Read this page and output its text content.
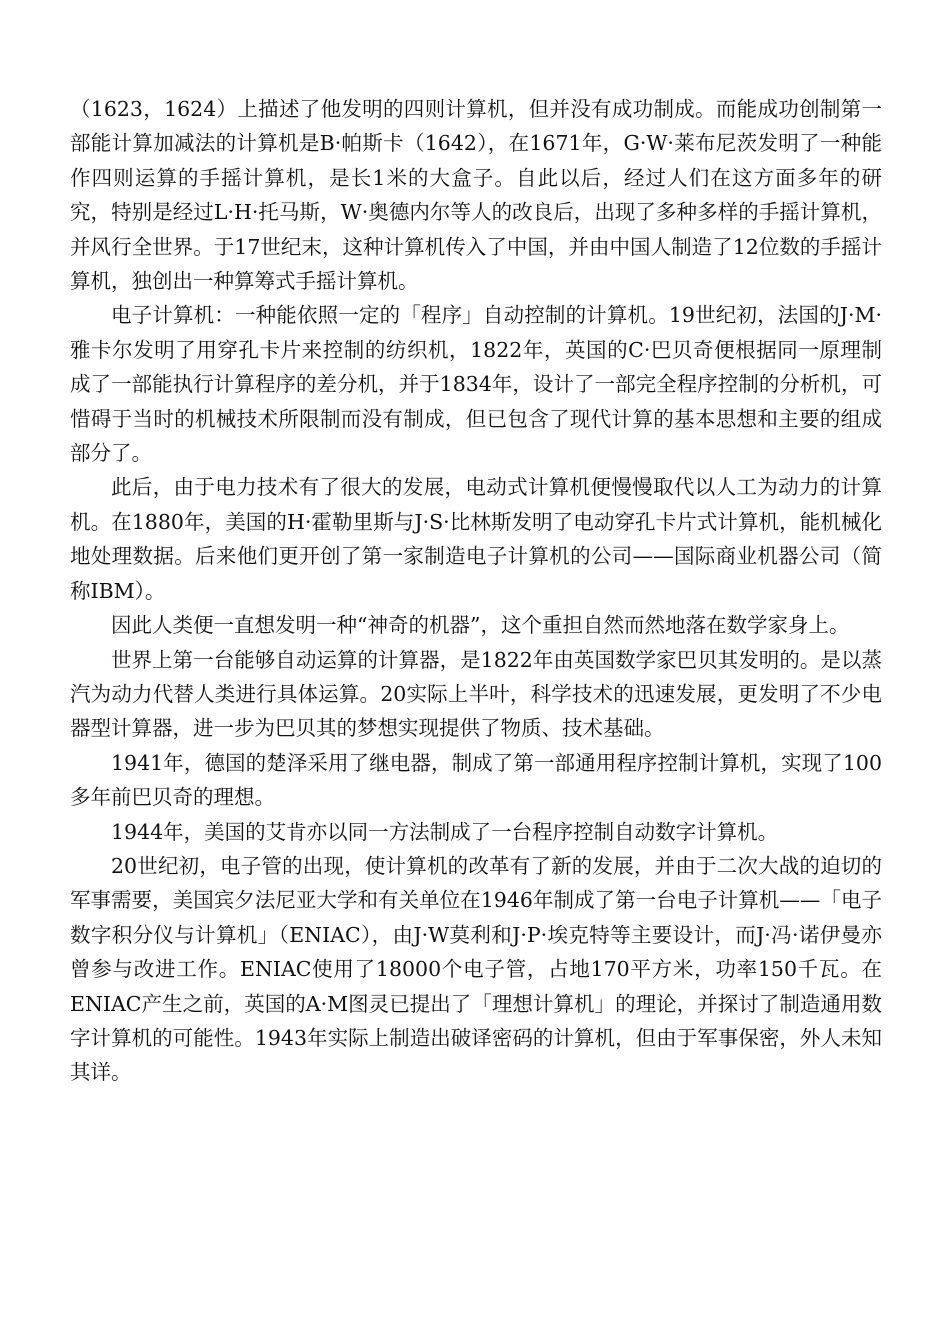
（1623，1624）上描述了他发明的四则计算机，但并没有成功制成。而能成功创制第一部能计算加减法的计算机是B·帕斯卡（1642），在1671年，G·W·莱布尼茨发明了一种能作四则运算的手摇计算机，是长1米的大盒子。自此以后，经过人们在这方面多年的研究，特别是经过L·H·托马斯，W·奥德内尔等人的改良后，出现了多种多样的手摇计算机，并风行全世界。于17世纪末，这种计算机传入了中国，并由中国人制造了12位数的手摇计算机，独创出一种算筹式手摇计算机。

电子计算机：一种能依照一定的「程序」自动控制的计算机。19世纪初，法国的J·M·雅卡尔发明了用穿孔卡片来控制的纺织机，1822年，英国的C·巴贝奇便根据同一原理制成了一部能执行计算程序的差分机，并于1834年，设计了一部完全程序控制的分析机，可惜碍于当时的机械技术所限制而没有制成，但已包含了现代计算的基本思想和主要的组成部分了。

此后，由于电力技术有了很大的发展，电动式计算机便慢慢取代以人工为动力的计算机。在1880年，美国的H·霍勒里斯与J·S·比林斯发明了电动穿孔卡片式计算机，能机械化地处理数据。后来他们更开创了第一家制造电子计算机的公司——国际商业机器公司（简称IBM）。

因此人类便一直想发明一种“神奇的机器”，这个重担自然而然地落在数学家身上。

世界上第一台能够自动运算的计算器，是1822年由英国数学家巴贝其发明的。是以蒸汽为动力代替人类进行具体运算。20实际上半叶，科学技术的迅速发展，更发明了不少电器型计算器，进一步为巴贝其的梦想实现提供了物质、技术基础。

1941年，德国的楚泽采用了继电器，制成了第一部通用程序控制计算机，实现了100多年前巴贝奇的理想。

1944年，美国的艾肯亦以同一方法制成了一台程序控制自动数字计算机。

20世纪初，电子管的出现，使计算机的改革有了新的发展，并由于二次大战的迫切的军事需要，美国宾夕法尼亚大学和有关单位在1946年制成了第一台电子计算机——「电子数字积分仪与计算机」（ENIAC），由J·W莫利和J·P·埃克特等主要设计，而J·冯·诺伊曼亦曾参与改进工作。ENIAC使用了18000个电子管，占地170平方米，功率150千瓦。在ENIAC产生之前，英国的A·M图灵已提出了「理想计算机」的理论，并探讨了制造通用数字计算机的可能性。1943年实际上制造出破译密码的计算机，但由于军事保密，外人未知其详。
